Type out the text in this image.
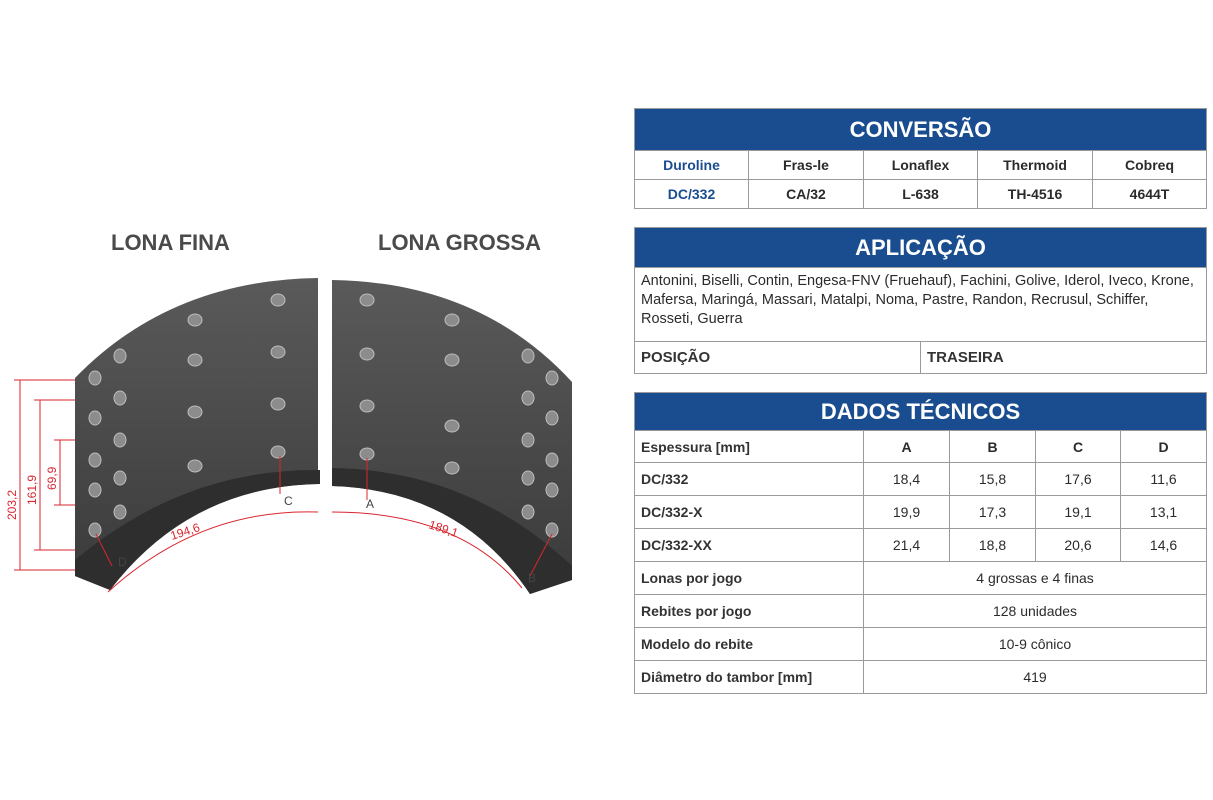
LONA FINA	LONA GROSSA
203,2 161,9 69,9
194,6	189,1
C	A
D
B
CONVERSÃO				
Duroline	Fras-le	Lonaflex	Thermoid	Cobreq
DC/332	CA/32	L-638	TH-4516	4644T
APLICAÇÃO
Antonini, Biselli, Contin, Engesa-FNV (Fruehauf), Fachini, Golive, Iderol, Iveco, Krone, Mafersa, Maringá, Massari, Matalpi, Noma, Pastre, Randon, Recrusul, Schiffer, Rosseti, Guerra
POSIÇÃO	TRASEIRA
DADOS TÉCNICOS				
Espessura [mm]	A	B	C	D
DC/332	18,4	15,8	17,6	11,6
DC/332-X	19,9	17,3	19,1	13,1
DC/332-XX	21,4	18,8	20,6	14,6
Lonas por jogo	4 grossas e 4 finas			
Rebites por jogo	128 unidades			
Modelo do rebite	10-9 cônico			
Diâmetro do tambor [mm]	419			
